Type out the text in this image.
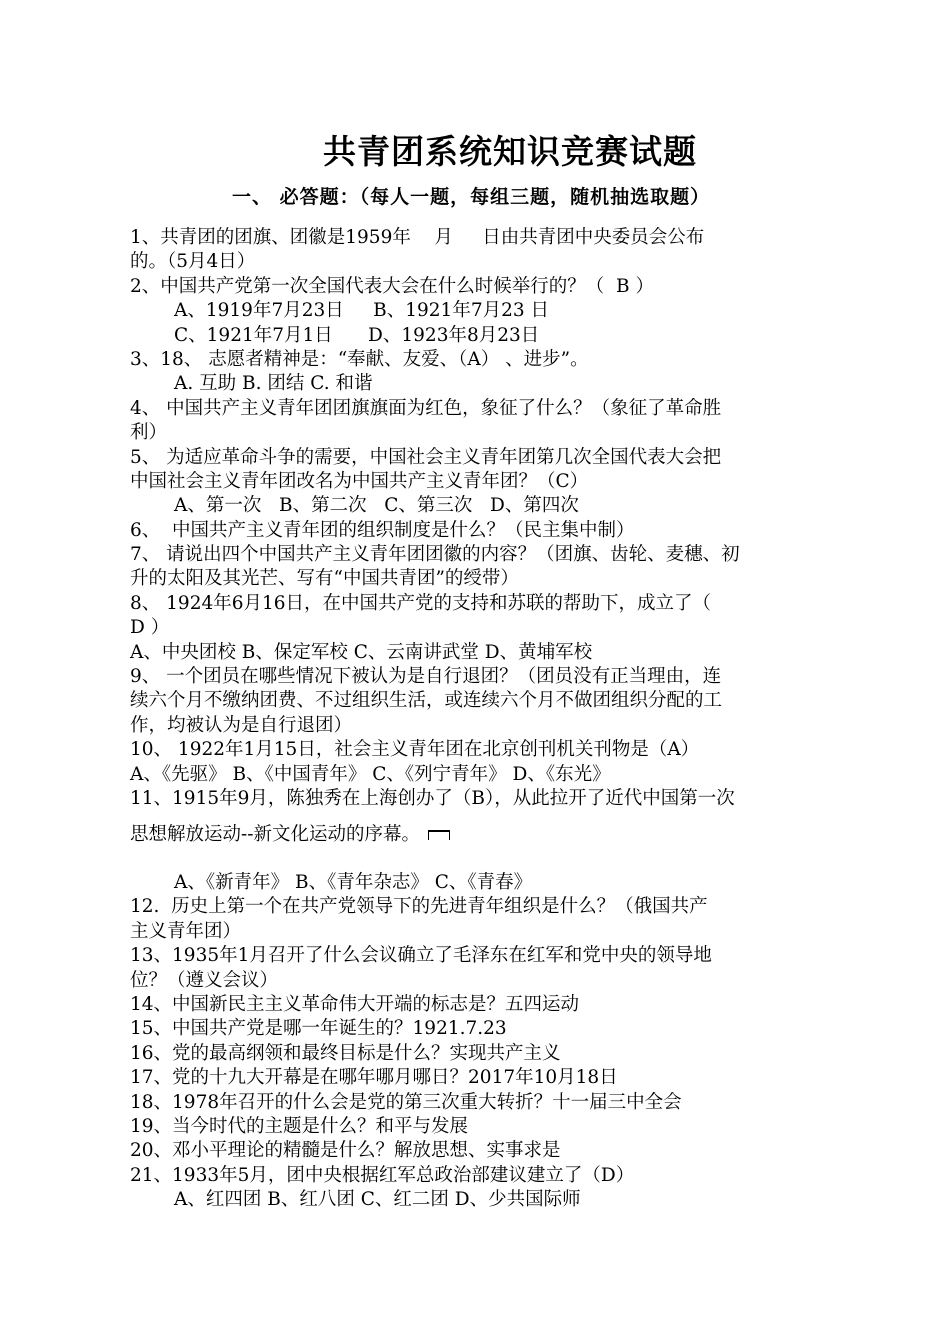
共青团系统知识竞赛试题
一、 必答题：（每人一题，每组三题，随机抽选取题）
1、共青团的团旗、团徽是1959年    月     日由共青团中央委员会公布
的。（5月4日）
2、中国共产党第一次全国代表大会在什么时候举行的？（  B ）
A、1919年7月23日     B、1921年7月23 日
C、1921年7月1日      D、1923年8月23日
3、18、 志愿者精神是：“奉献、友爱、（A） 、进步”。
A. 互助 B. 团结 C. 和谐
4、 中国共产主义青年团团旗旗面为红色，象征了什么？（象征了革命胜
利）
5、 为适应革命斗争的需要，中国社会主义青年团第几次全国代表大会把
中国社会主义青年团改名为中国共产主义青年团？（C）
A、第一次   B、第二次   C、第三次   D、第四次
6、  中国共产主义青年团的组织制度是什么？（民主集中制）
7、 请说出四个中国共产主义青年团团徽的内容？（团旗、齿轮、麦穗、初
升的太阳及其光芒、写有“中国共青团”的绶带）
8、 1924年6月16日，在中国共产党的支持和苏联的帮助下，成立了（
D ）
A、中央团校 B、保定军校 C、云南讲武堂 D、黄埔军校
9、 一个团员在哪些情况下被认为是自行退团？（团员没有正当理由，连
续六个月不缴纳团费、不过组织生活，或连续六个月不做团组织分配的工
作，均被认为是自行退团）
10、 1922年1月15日，社会主义青年团在北京创刊机关刊物是（A）
A、《先驱》 B、《中国青年》 C、《列宁青年》 D、《东光》
11、1915年9月，陈独秀在上海创办了（B），从此拉开了近代中国第一次
思想解放运动--新文化运动的序幕。
A、《新青年》 B、《青年杂志》 C、《青春》
12.  历史上第一个在共产党领导下的先进青年组织是什么？（俄国共产
主义青年团）
13、1935年1月召开了什么会议确立了毛泽东在红军和党中央的领导地
位？（遵义会议）
14、中国新民主主义革命伟大开端的标志是？五四运动
15、中国共产党是哪一年诞生的？1921.7.23
16、党的最高纲领和最终目标是什么？实现共产主义
17、党的十九大开幕是在哪年哪月哪日？2017年10月18日
18、1978年召开的什么会是党的第三次重大转折？十一届三中全会
19、当今时代的主题是什么？和平与发展
20、邓小平理论的精髓是什么？解放思想、实事求是
21、1933年5月，团中央根据红军总政治部建议建立了（D）
A、红四团 B、红八团 C、红二团 D、少共国际师
